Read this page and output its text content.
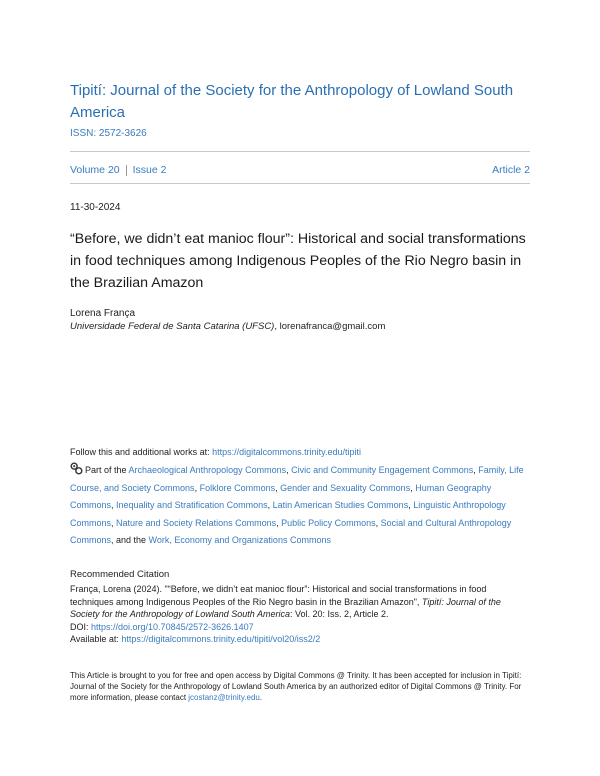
Tipití: Journal of the Society for the Anthropology of Lowland South America
ISSN: 2572-3626
Volume 20 Issue 2	Article 2
11-30-2024
“Before, we didn’t eat manioc flour”: Historical and social transformations in food techniques among Indigenous Peoples of the Rio Negro basin in the Brazilian Amazon
Lorena França
Universidade Federal de Santa Catarina (UFSC), lorenafranca@gmail.com
Follow this and additional works at: https://digitalcommons.trinity.edu/tipiti
Part of the Archaeological Anthropology Commons, Civic and Community Engagement Commons, Family, Life Course, and Society Commons, Folklore Commons, Gender and Sexuality Commons, Human Geography Commons, Inequality and Stratification Commons, Latin American Studies Commons, Linguistic Anthropology Commons, Nature and Society Relations Commons, Public Policy Commons, Social and Cultural Anthropology Commons, and the Work, Economy and Organizations Commons
Recommended Citation
França, Lorena (2024). "“Before, we didn’t eat manioc flour”: Historical and social transformations in food techniques among Indigenous Peoples of the Rio Negro basin in the Brazilian Amazon", Tipití: Journal of the Society for the Anthropology of Lowland South America: Vol. 20: Iss. 2, Article 2.
DOI: https://doi.org/10.70845/2572-3626.1407
Available at: https://digitalcommons.trinity.edu/tipiti/vol20/iss2/2
This Article is brought to you for free and open access by Digital Commons @ Trinity. It has been accepted for inclusion in Tipití: Journal of the Society for the Anthropology of Lowland South America by an authorized editor of Digital Commons @ Trinity. For more information, please contact jcostanz@trinity.edu.
